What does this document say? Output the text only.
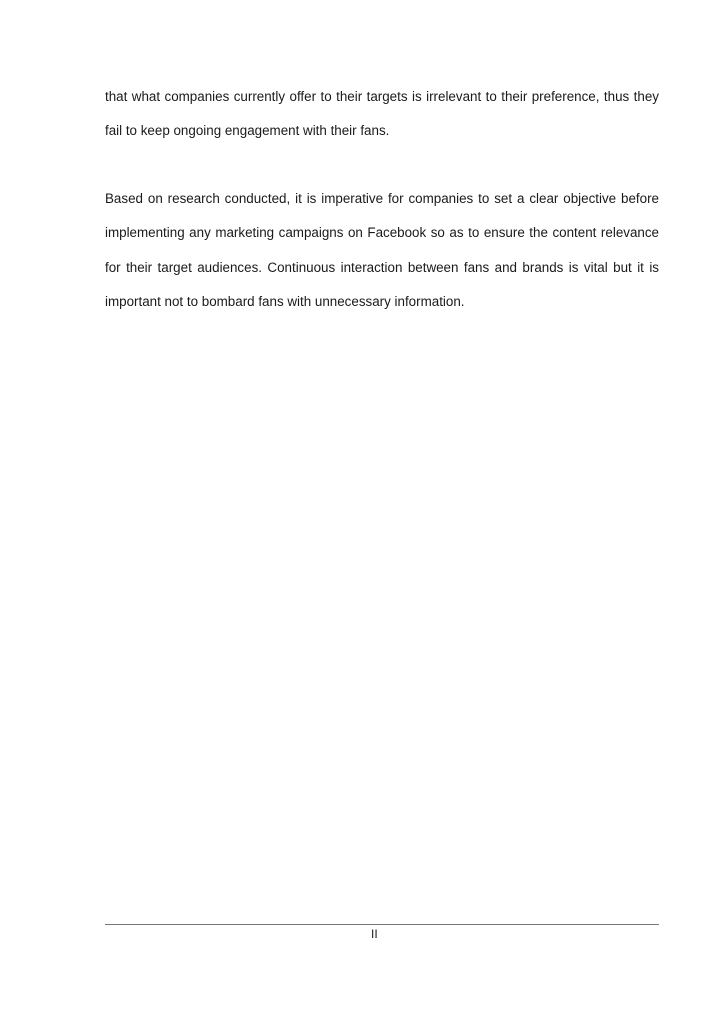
that what companies currently offer to their targets is irrelevant to their preference, thus they fail to keep ongoing engagement with their fans.

Based on research conducted, it is imperative for companies to set a clear objective before implementing any marketing campaigns on Facebook so as to ensure the content relevance for their target audiences. Continuous interaction between fans and brands is vital but it is important not to bombard fans with unnecessary information.

II
